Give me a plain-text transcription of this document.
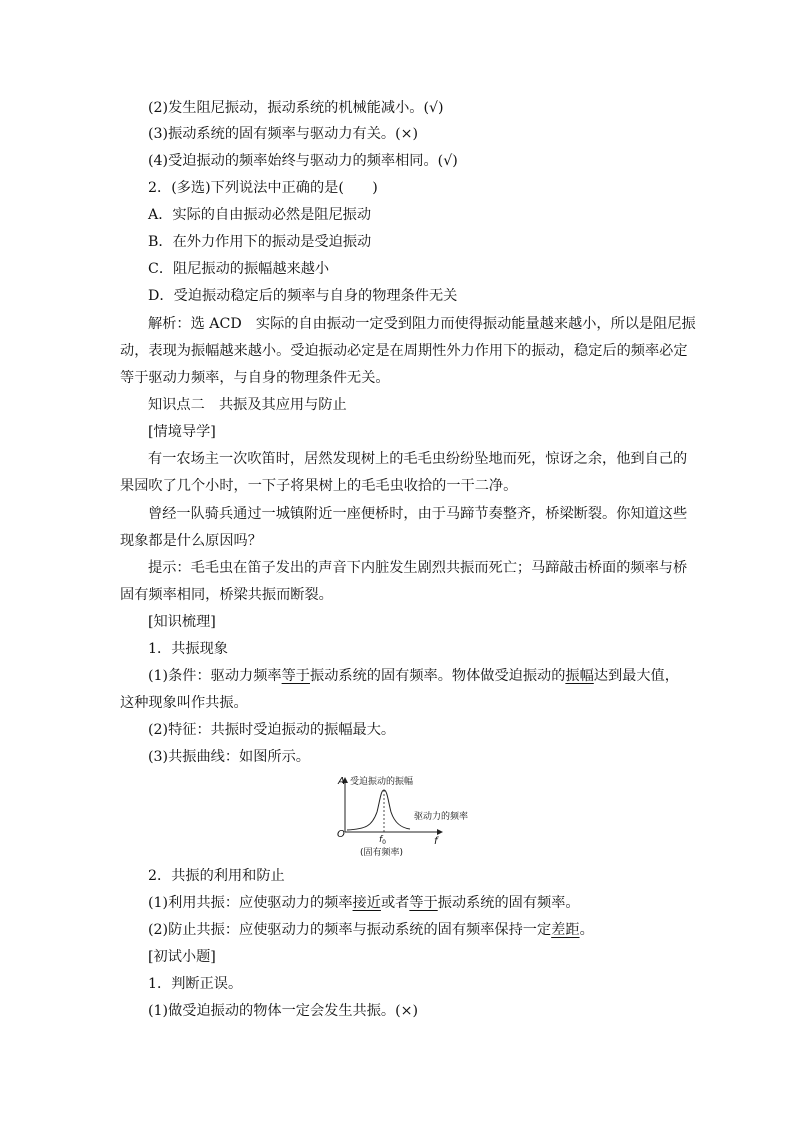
(2)发生阻尼振动，振动系统的机械能减小。(√)
(3)振动系统的固有频率与驱动力有关。(×)
(4)受迫振动的频率始终与驱动力的频率相同。(√)
2．(多选)下列说法中正确的是(　　)
A．实际的自由振动必然是阻尼振动
B．在外力作用下的振动是受迫振动
C．阻尼振动的振幅越来越小
D．受迫振动稳定后的频率与自身的物理条件无关
解析：选 ACD　实际的自由振动一定受到阻力而使得振动能量越来越小，所以是阻尼振
动，表现为振幅越来越小。受迫振动必定是在周期性外力作用下的振动，稳定后的频率必定
等于驱动力频率，与自身的物理条件无关。
知识点二　共振及其应用与防止
[情境导学]
有一农场主一次吹笛时，居然发现树上的毛毛虫纷纷坠地而死，惊讶之余，他到自己的
果园吹了几个小时，一下子将果树上的毛毛虫收拾的一干二净。
曾经一队骑兵通过一城镇附近一座便桥时，由于马蹄节奏整齐，桥梁断裂。你知道这些
现象都是什么原因吗？
提示：毛毛虫在笛子发出的声音下内脏发生剧烈共振而死亡；马蹄敲击桥面的频率与桥
固有频率相同，桥梁共振而断裂。
[知识梳理]
1．共振现象
(1)条件：驱动力频率等于振动系统的固有频率。物体做受迫振动的振幅达到最大值，
这种现象叫作共振。
(2)特征：共振时受迫振动的振幅最大。
(3)共振曲线：如图所示。
A 受迫振动的振幅
驱动力的频率
O
f
$f_0$
(固有频率)
2．共振的利用和防止
(1)利用共振：应使驱动力的频率接近或者等于振动系统的固有频率。
(2)防止共振：应使驱动力的频率与振动系统的固有频率保持一定差距。
[初试小题]
1．判断正误。
(1)做受迫振动的物体一定会发生共振。(×)
